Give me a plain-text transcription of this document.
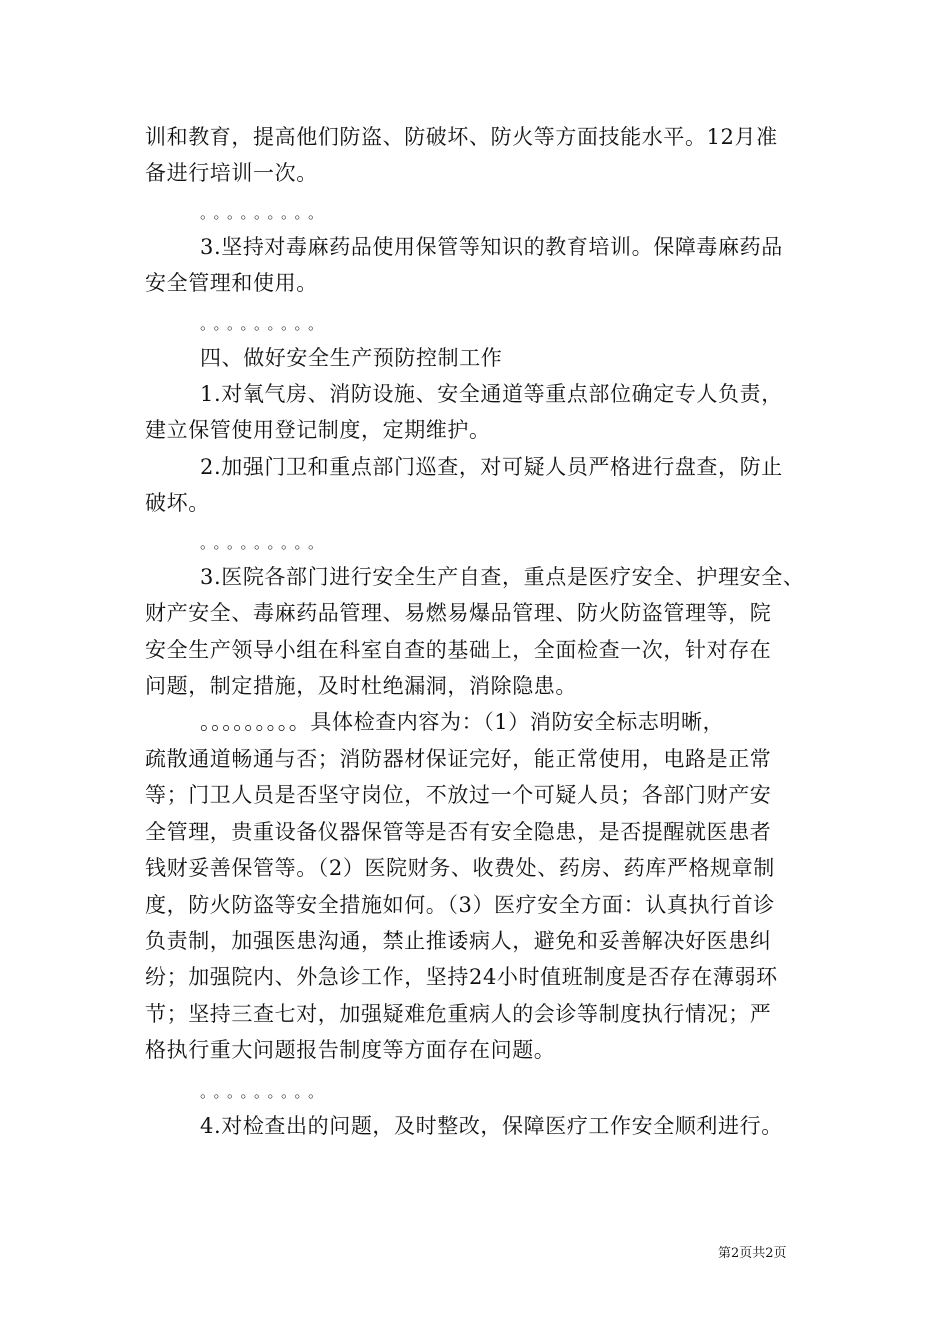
训和教育，提高他们防盗、防破坏、防火等方面技能水平。12月准
备进行培训一次。
。。。。。。。。。
3.坚持对毒麻药品使用保管等知识的教育培训。保障毒麻药品
安全管理和使用。
。。。。。。。。。
四、做好安全生产预防控制工作
1.对氧气房、消防设施、安全通道等重点部位确定专人负责，
建立保管使用登记制度，定期维护。
2.加强门卫和重点部门巡查，对可疑人员严格进行盘查，防止
破坏。
。。。。。。。。。
3.医院各部门进行安全生产自查，重点是医疗安全、护理安全、
财产安全、毒麻药品管理、易燃易爆品管理、防火防盗管理等，院
安全生产领导小组在科室自查的基础上，全面检查一次，针对存在
问题，制定措施，及时杜绝漏洞，消除隐患。
。。。。。。。。。具体检查内容为：（1）消防安全标志明晰，
疏散通道畅通与否；消防器材保证完好，能正常使用，电路是正常
等；门卫人员是否坚守岗位，不放过一个可疑人员；各部门财产安
全管理，贵重设备仪器保管等是否有安全隐患，是否提醒就医患者
钱财妥善保管等。（2）医院财务、收费处、药房、药库严格规章制
度，防火防盗等安全措施如何。（3）医疗安全方面：认真执行首诊
负责制，加强医患沟通，禁止推诿病人，避免和妥善解决好医患纠
纷；加强院内、外急诊工作，坚持24小时值班制度是否存在薄弱环
节；坚持三查七对，加强疑难危重病人的会诊等制度执行情况；严
格执行重大问题报告制度等方面存在问题。
。。。。。。。。。
4.对检查出的问题，及时整改，保障医疗工作安全顺利进行。
第2页共2页
